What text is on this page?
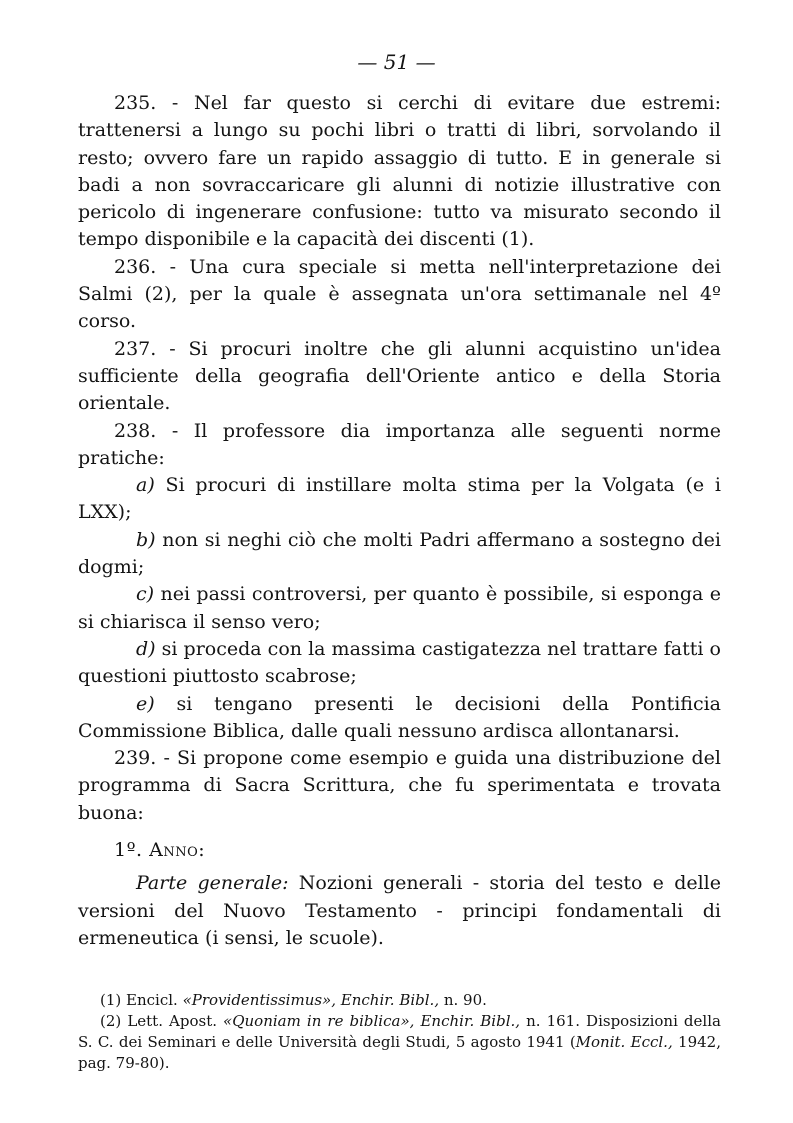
— 51 —

235. - Nel far questo si cerchi di evitare due estremi: trattenersi a lungo su pochi libri o tratti di libri, sorvolando il resto; ovvero fare un rapido assaggio di tutto. E in generale si badi a non sovraccaricare gli alunni di notizie illustrative con pericolo di ingenerare confusione: tutto va misurato secondo il tempo disponibile e la capacità dei discenti (1).

236. - Una cura speciale si metta nell'interpretazione dei Salmi (2), per la quale è assegnata un'ora settimanale nel 4º corso.

237. - Si procuri inoltre che gli alunni acquistino un'idea sufficiente della geografia dell'Oriente antico e della Storia orientale.

238. - Il professore dia importanza alle seguenti norme pratiche:

a) Si procuri di instillare molta stima per la Volgata (e i LXX);

b) non si neghi ciò che molti Padri affermano a sostegno dei dogmi;

c) nei passi controversi, per quanto è possibile, si esponga e si chiarisca il senso vero;

d) si proceda con la massima castigatezza nel trattare fatti o questioni piuttosto scabrose;

e) si tengano presenti le decisioni della Pontificia Commissione Biblica, dalle quali nessuno ardisca allontanarsi.

239. - Si propone come esempio e guida una distribuzione del programma di Sacra Scrittura, che fu sperimentata e trovata buona:

1º. Anno:

Parte generale: Nozioni generali - storia del testo e delle versioni del Nuovo Testamento - principi fondamentali di ermeneutica (i sensi, le scuole).

(1) Encicl. «Providentissimus», Enchir. Bibl., n. 90.

(2) Lett. Apost. «Quoniam in re biblica», Enchir. Bibl., n. 161. Disposizioni della S. C. dei Seminari e delle Università degli Studi, 5 agosto 1941 (Monit. Eccl., 1942, pag. 79-80).
